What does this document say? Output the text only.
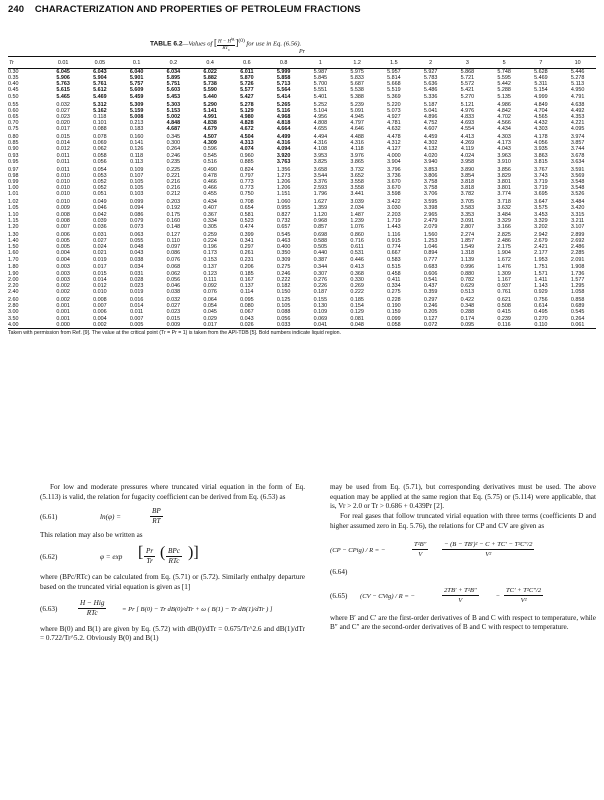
240 CHARACTERIZATION AND PROPERTIES OF PETROLEUM FRACTIONS
TABLE 6.2—Values of [ $\frac{H - H^{ig}}{RT_c} ]^{(0)}$ for use in Eq. (6.56).
Pr
Tr	0.01	0.05	0.1	0.2	0.4	0.6	0.8	1	1.2	1.5	2	3	5	7	10
0.30	6.045	6.043	6.040	6.034	6.022	6.011	5.999	5.987	5.975	5.957	5.927	5.868	5.748	5.628	5.446
0.35	5.906	5.904	5.901	5.895	5.882	5.870	5.858	5.845	5.833	5.814	5.783	5.721	5.595	5.469	5.278
0.40	5.763	5.761	5.757	5.751	5.738	5.726	5.713	5.700	5.687	5.668	5.636	5.572	5.442	5.311	5.113
0.45	5.615	5.612	5.609	5.603	5.590	5.577	5.564	5.551	5.538	5.519	5.486	5.421	5.288	5.154	4.950
0.50	5.465	5.469	5.459	5.453	5.440	5.427	5.414	5.401	5.388	5.369	5.336	5.270	5.135	4.999	4.791
0.55	0.032	5.312	5.309	5.303	5.290	5.278	5.265	5.252	5.239	5.220	5.187	5.121	4.986	4.849	4.638
0.60	0.027	5.162	5.159	5.153	5.141	5.129	5.116	5.104	5.091	5.073	5.041	4.976	4.842	4.704	4.492
0.65	0.023	0.118	5.008	5.002	4.991	4.980	4.968	4.956	4.945	4.927	4.896	4.833	4.702	4.565	4.353
0.70	0.020	0.101	0.213	4.848	4.838	4.828	4.818	4.808	4.797	4.781	4.752	4.693	4.566	4.432	4.221
0.75	0.017	0.088	0.183	4.687	4.679	4.672	4.664	4.655	4.646	4.632	4.607	4.554	4.434	4.303	4.095
0.80	0.015	0.078	0.160	0.345	4.507	4.504	4.499	4.494	4.488	4.478	4.459	4.413	4.303	4.178	3.974
0.85	0.014	0.069	0.141	0.300	4.309	4.313	4.316	4.316	4.316	4.312	4.302	4.269	4.173	4.056	3.857
0.90	0.012	0.062	0.126	0.264	0.596	4.074	4.094	4.108	4.118	4.127	4.132	4.119	4.043	3.935	3.744
0.93	0.011	0.058	0.118	0.246	0.545	0.960	3.920	3.953	3.976	4.000	4.020	4.024	3.963	3.863	3.678
0.95	0.011	0.056	0.113	0.235	0.516	0.885	3.763	3.825	3.865	3.904	3.940	3.958	3.910	3.815	3.634
0.97	0.011	0.054	0.109	0.225	0.490	0.824	1.356	3.658	3.732	3.796	3.853	3.890	3.856	3.767	3.591
0.98	0.010	0.053	0.107	0.221	0.478	0.797	1.273	3.544	3.652	3.736	3.806	3.854	3.829	3.743	3.569
0.99	0.010	0.052	0.105	0.216	0.466	0.773	1.206	3.376	3.558	3.670	3.758	3.818	3.801	3.719	3.548
1.00	0.010	0.052	0.105	0.216	0.466	0.773	1.206	2.593	3.558	3.670	3.758	3.818	3.801	3.719	3.548
1.01	0.010	0.051	0.103	0.212	0.455	0.750	1.151	1.796	3.441	3.598	3.706	3.782	3.774	3.695	3.526
1.02	0.010	0.049	0.099	0.203	0.434	0.708	1.060	1.627	3.039	3.422	3.595	3.705	3.718	3.647	3.484
1.05	0.009	0.046	0.094	0.192	0.407	0.654	0.955	1.359	2.034	3.030	3.398	3.583	3.632	3.575	3.420
1.10	0.008	0.042	0.086	0.175	0.367	0.581	0.827	1.120	1.487	2.203	2.965	3.353	3.484	3.453	3.315
1.15	0.008	0.039	0.079	0.160	0.334	0.523	0.732	0.968	1.239	1.719	2.479	3.091	3.329	3.329	3.211
1.20	0.007	0.036	0.073	0.148	0.305	0.474	0.657	0.857	1.076	1.443	2.079	2.807	3.166	3.202	3.107
1.30	0.006	0.031	0.063	0.127	0.259	0.399	0.545	0.698	0.860	1.116	1.560	2.274	2.825	2.942	2.899
1.40	0.005	0.027	0.055	0.110	0.224	0.341	0.463	0.588	0.716	0.915	1.253	1.857	2.486	2.679	2.692
1.50	0.005	0.024	0.048	0.097	0.196	0.297	0.400	0.505	0.611	0.774	1.046	1.549	2.175	2.421	2.486
1.60	0.004	0.021	0.043	0.086	0.173	0.261	0.350	0.440	0.531	0.667	0.894	1.318	1.904	2.177	2.285
1.70	0.004	0.019	0.038	0.076	0.153	0.231	0.309	0.387	0.446	0.583	0.777	1.139	1.672	1.953	2.091
1.80	0.003	0.017	0.034	0.068	0.137	0.206	0.275	0.344	0.413	0.515	0.683	0.996	1.476	1.751	1.908
1.90	0.003	0.015	0.031	0.062	0.123	0.185	0.246	0.307	0.368	0.458	0.606	0.880	1.309	1.571	1.736
2.00	0.003	0.014	0.028	0.056	0.111	0.167	0.222	0.276	0.330	0.411	0.541	0.782	1.167	1.411	1.577
2.20	0.002	0.012	0.023	0.046	0.092	0.137	0.182	0.226	0.269	0.334	0.437	0.629	0.937	1.143	1.295
2.40	0.002	0.010	0.019	0.038	0.076	0.114	0.150	0.187	0.222	0.275	0.359	0.513	0.761	0.929	1.058
2.60	0.002	0.008	0.016	0.032	0.064	0.095	0.125	0.155	0.185	0.228	0.297	0.422	0.621	0.756	0.858
2.80	0.001	0.007	0.014	0.027	0.054	0.080	0.105	0.130	0.154	0.190	0.246	0.348	0.508	0.614	0.689
3.00	0.001	0.006	0.011	0.023	0.045	0.067	0.088	0.109	0.129	0.159	0.205	0.288	0.415	0.495	0.545
3.50	0.001	0.004	0.007	0.015	0.029	0.043	0.056	0.069	0.081	0.099	0.127	0.174	0.239	0.270	0.264
4.00	0.000	0.002	0.005	0.009	0.017	0.026	0.033	0.041	0.048	0.058	0.072	0.095	0.116	0.110	0.061
Taken with permission from Ref. [9]. The value at the critical point (Tr = Pr = 1) is taken from the API-TDB [5]. Bold numbers indicate liquid region.

For low and moderate pressures where truncated virial equation in the form of Eq. (5.113) is valid, the relation for fugacity coefficient can be derived from Eq. (6.53) as

(6.61)	ln(φ) =
BP
RT

This relation may also be written as

(6.62)	φ = exp [ Pr
Tr ( BPc
RTc )]

where (BPc/RTc) can be calculated from Eq. (5.71) or (5.72). Similarly enthalpy departure based on the truncated virial equation is given as [1]

(6.63)
H − Hig
RTc	= Pr [ B(0) − Tr dB(0)/dTr + ω ( B(1) − Tr dB(1)/dTr ) ]

where B(0) and B(1) are given by Eq. (5.72) with dB(0)/dTr = 0.675/Tr^2.6 and dB(1)/dTr = 0.722/Tr^5.2. Obviously B(0) and B(1)

may be used from Eq. (5.71), but corresponding derivatives must be used. The above equation may be applied at the same region that Eq. (5.75) or (5.114) were applicable, that is, Vr > 2.0 or Tr > 0.686 + 0.439Pr [2].

For real gases that follow truncated virial equation with three terms (coefficients D and higher assumed zero in Eq. 5.76), the relations for CP and CV are given as

(CP − CPig) / R = −
T²B″
V
− (B − TB′)² − C + TC′ − T²C″/2
V²
(6.64)
(6.65) (CV − CVig) / R = −
2TB′ + T²B″
V
−
TC′ + T²C″/2
V²

where B′ and C′ are the first-order derivatives of B and C with respect to temperature, while B″ and C″ are the second-order derivatives of B and C with respect to temperature.
